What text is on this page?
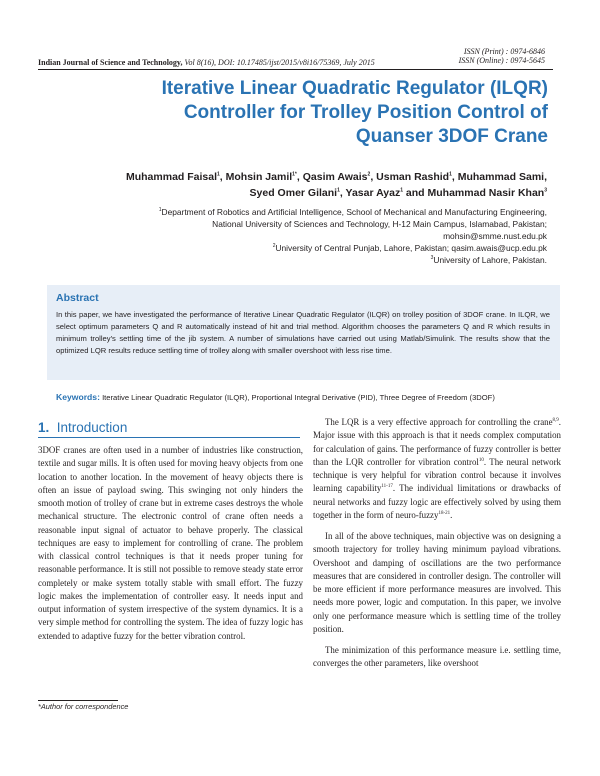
ISSN (Print) : 0974-6846
ISSN (Online) : 0974-5645
Indian Journal of Science and Technology, Vol 8(16), DOI: 10.17485/ijst/2015/v8i16/75369, July 2015
Iterative Linear Quadratic Regulator (ILQR) Controller for Trolley Position Control of Quanser 3DOF Crane
Muhammad Faisal$^1$, Mohsin Jamil$^{1*}$, Qasim Awais$^2$, Usman Rashid$^1$, Muhammad Sami,
Syed Omer Gilani$^1$, Yasar Ayaz$^1$ and Muhammad Nasir Khan$^3$
$^1$Department of Robotics and Artificial Intelligence, School of Mechanical and Manufacturing Engineering,
National University of Sciences and Technology, H-12 Main Campus, Islamabad, Pakistan;
mohsin@smme.nust.edu.pk
$^2$University of Central Punjab, Lahore, Pakistan; qasim.awais@ucp.edu.pk
$^3$University of Lahore, Pakistan.
Abstract
In this paper, we have investigated the performance of Iterative Linear Quadratic Regulator (ILQR) on trolley position of 3DOF crane. In ILQR, we select optimum parameters Q and R automatically instead of hit and trial method. Algorithm chooses the parameters Q and R which results in minimum trolley's settling time of the jib system. A number of simulations have carried out using Matlab/Simulink. The results show that the optimized LQR results reduce settling time of trolley along with smaller overshoot with less rise time.
Keywords: Iterative Linear Quadratic Regulator (ILQR), Proportional Integral Derivative (PID), Three Degree of Freedom (3DOF)
1. Introduction

3DOF cranes are often used in a number of industries like construction, textile and sugar mills. It is often used for moving heavy objects from one location to another location. In the movement of heavy objects there is often an issue of payload swing. This swinging not only hinders the smooth motion of trolley of crane but in extreme cases destroys the whole mechanical structure. The electronic control of crane often needs a reasonable input signal of actuator to behave properly. The classical techniques are easy to implement for controlling of crane. The problem with classical control techniques is that it needs proper tuning for reasonable performance. It is still not possible to remove steady state error completely or make system totally stable with small effort. The fuzzy logic makes the implementation of controller easy. It needs input and output information of system irrespective of the system dynamics. It is a very simple method for controlling the system. The idea of fuzzy logic has extended to adaptive fuzzy for the better vibration control.

The LQR is a very effective approach for controlling the crane$^{8,9}$. Major issue with this approach is that it needs complex computation for calculation of gains. The performance of fuzzy controller is better than the LQR controller for vibration control$^{10}$. The neural network technique is very helpful for vibration control because it involves learning capability$^{11-17}$. The individual limitations or drawbacks of neural networks and fuzzy logic are effectively solved by using them together in the form of neuro-fuzzy$^{18-21}$.

In all of the above techniques, main objective was on designing a smooth trajectory for trolley having minimum payload vibrations. Overshoot and damping of oscillations are the two performance measures that are considered in controller design. The controller will be more efficient if more performance measures are involved. This needs more power, logic and computation. In this paper, we involve only one performance measure which is settling time of the trolley position.

The minimization of this performance measure i.e. settling time, converges the other parameters, like overshoot

*Author for correspondence
